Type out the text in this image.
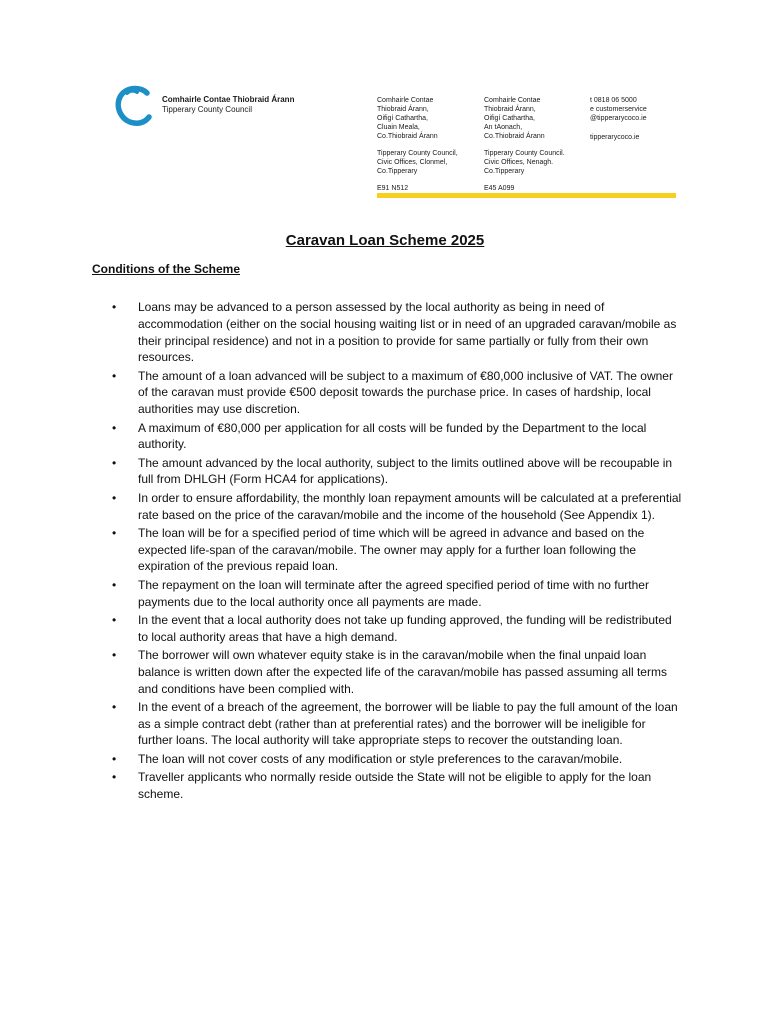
Comhairle Contae Thiobraid Árann
Tipperary County Council
Comhairle Contae
Thiobraid Árann,
Oifigí Cathartha,
Cluain Meala,
Co.Thiobraid Árann
Tipperary County Council,
Civic Offices, Clonmel,
Co.Tipperary
E91 N512
Comhairle Contae
Thiobraid Árann,
Oifigí Cathartha,
An tAonach,
Co.Thiobraid Árann
Tipperary County Council.
Civic Offices, Nenagh.
Co.Tipperary
E45 A099
t 0818 06 5000
e customerservice
@tipperarycoco.ie
tipperarycoco.ie
Caravan Loan Scheme 2025
Conditions of the Scheme
• Loans may be advanced to a person assessed by the local authority as being in need of accommodation (either on the social housing waiting list or in need of an upgraded caravan/mobile as their principal residence) and not in a position to provide for same partially or fully from their own resources.
• The amount of a loan advanced will be subject to a maximum of €80,000 inclusive of VAT. The owner of the caravan must provide €500 deposit towards the purchase price. In cases of hardship, local authorities may use discretion.
• A maximum of €80,000 per application for all costs will be funded by the Department to the local authority.
• The amount advanced by the local authority, subject to the limits outlined above will be recoupable in full from DHLGH (Form HCA4 for applications).
• In order to ensure affordability, the monthly loan repayment amounts will be calculated at a preferential rate based on the price of the caravan/mobile and the income of the household (See Appendix 1).
• The loan will be for a specified period of time which will be agreed in advance and based on the expected life-span of the caravan/mobile. The owner may apply for a further loan following the expiration of the previous repaid loan.
• The repayment on the loan will terminate after the agreed specified period of time with no further payments due to the local authority once all payments are made.
• In the event that a local authority does not take up funding approved, the funding will be redistributed to local authority areas that have a high demand.
• The borrower will own whatever equity stake is in the caravan/mobile when the final unpaid loan balance is written down after the expected life of the caravan/mobile has passed assuming all terms and conditions have been complied with.
• In the event of a breach of the agreement, the borrower will be liable to pay the full amount of the loan as a simple contract debt (rather than at preferential rates) and the borrower will be ineligible for further loans. The local authority will take appropriate steps to recover the outstanding loan.
• The loan will not cover costs of any modification or style preferences to the caravan/mobile.
• Traveller applicants who normally reside outside the State will not be eligible to apply for the loan scheme.
